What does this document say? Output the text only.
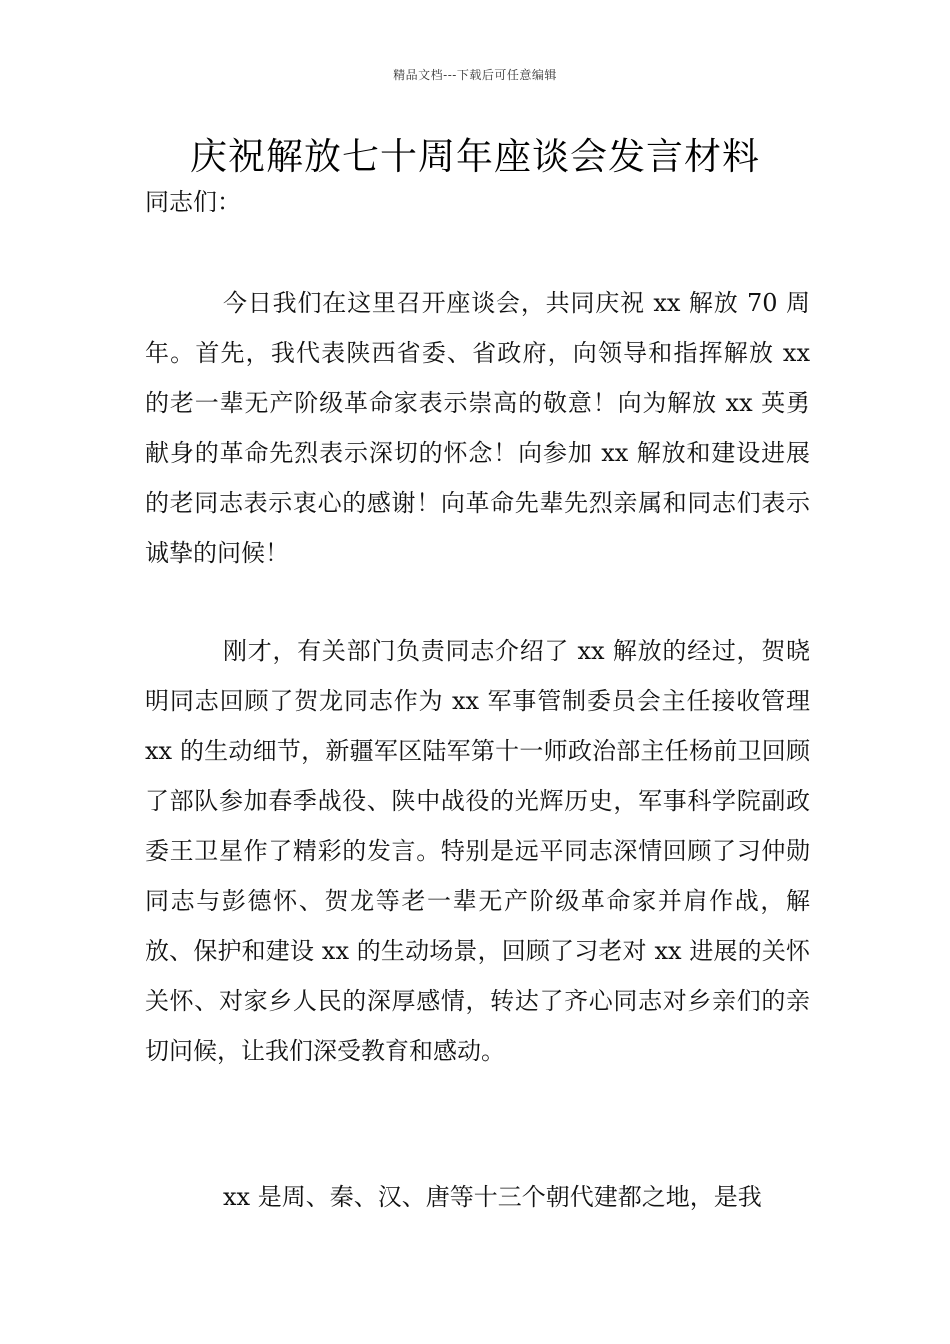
精品文档---下载后可任意编辑
庆祝解放七十周年座谈会发言材料

同志们：

今日我们在这里召开座谈会，共同庆祝 xx 解放 70 周年。首先，我代表陕西省委、省政府，向领导和指挥解放 xx 的老一辈无产阶级革命家表示崇高的敬意！向为解放 xx 英勇献身的革命先烈表示深切的怀念！向参加 xx 解放和建设进展的老同志表示衷心的感谢！向革命先辈先烈亲属和同志们表示诚挚的问候！

刚才，有关部门负责同志介绍了 xx 解放的经过，贺晓明同志回顾了贺龙同志作为 xx 军事管制委员会主任接收管理 xx 的生动细节，新疆军区陆军第十一师政治部主任杨前卫回顾了部队参加春季战役、陕中战役的光辉历史，军事科学院副政委王卫星作了精彩的发言。特别是远平同志深情回顾了习仲勋同志与彭德怀、贺龙等老一辈无产阶级革命家并肩作战，解放、保护和建设 xx 的生动场景，回顾了习老对 xx 进展的关怀关怀、对家乡人民的深厚感情，转达了齐心同志对乡亲们的亲切问候，让我们深受教育和感动。

xx 是周、秦、汉、唐等十三个朝代建都之地，是我
